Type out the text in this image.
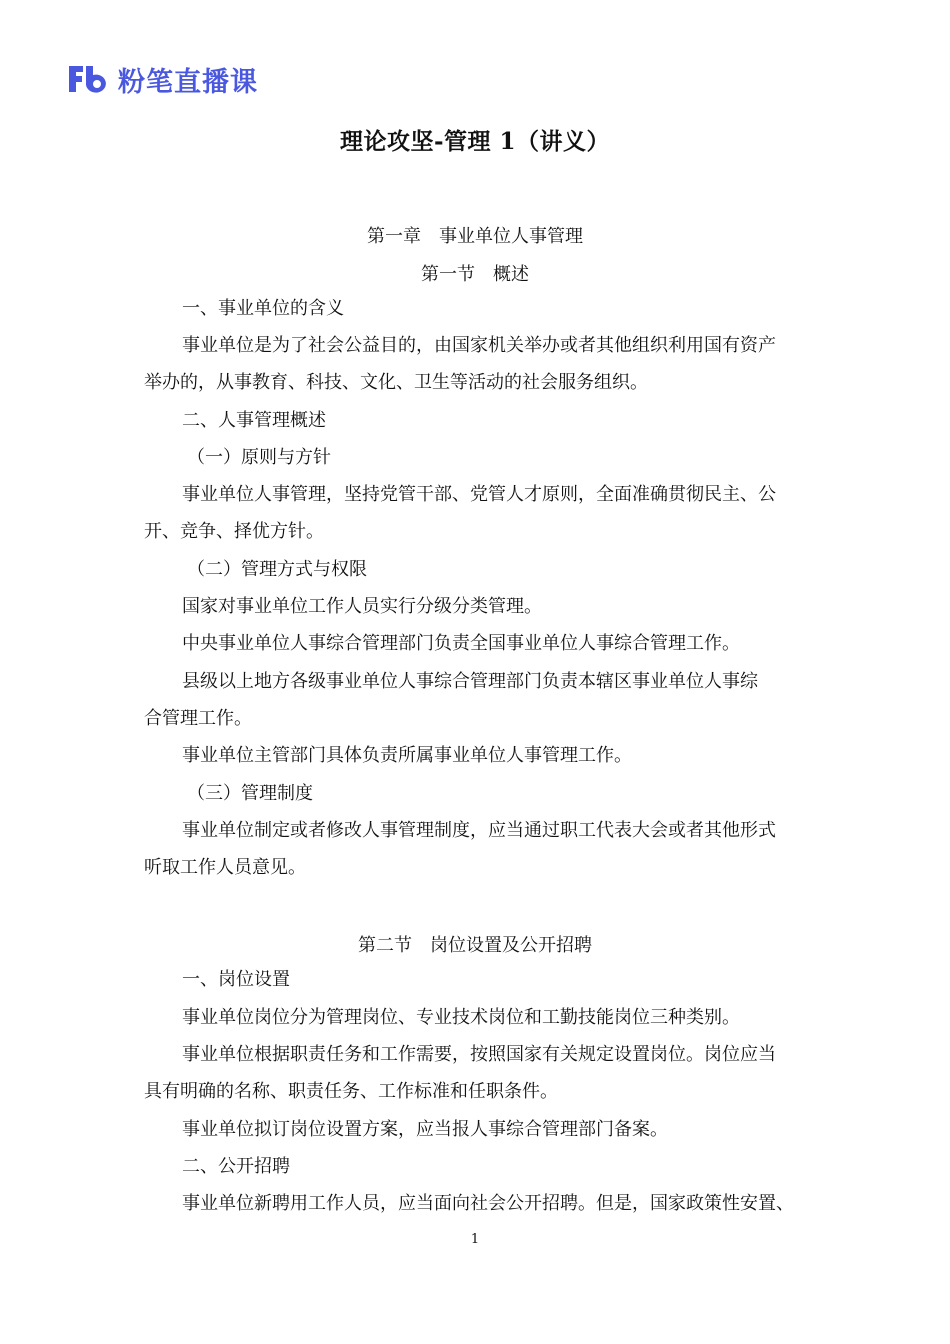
粉笔直播课
理论攻坚-管理 1（讲义）
第一章　事业单位人事管理
第一节　概述
一、事业单位的含义
事业单位是为了社会公益目的，由国家机关举办或者其他组织利用国有资产
举办的，从事教育、科技、文化、卫生等活动的社会服务组织。
二、人事管理概述
（一）原则与方针
事业单位人事管理，坚持党管干部、党管人才原则，全面准确贯彻民主、公
开、竞争、择优方针。
（二）管理方式与权限
国家对事业单位工作人员实行分级分类管理。
中央事业单位人事综合管理部门负责全国事业单位人事综合管理工作。
县级以上地方各级事业单位人事综合管理部门负责本辖区事业单位人事综
合管理工作。
事业单位主管部门具体负责所属事业单位人事管理工作。
（三）管理制度
事业单位制定或者修改人事管理制度，应当通过职工代表大会或者其他形式
听取工作人员意见。
第二节　岗位设置及公开招聘
一、岗位设置
事业单位岗位分为管理岗位、专业技术岗位和工勤技能岗位三种类别。
事业单位根据职责任务和工作需要，按照国家有关规定设置岗位。岗位应当
具有明确的名称、职责任务、工作标准和任职条件。
事业单位拟订岗位设置方案，应当报人事综合管理部门备案。
二、公开招聘
事业单位新聘用工作人员，应当面向社会公开招聘。但是，国家政策性安置、
1
